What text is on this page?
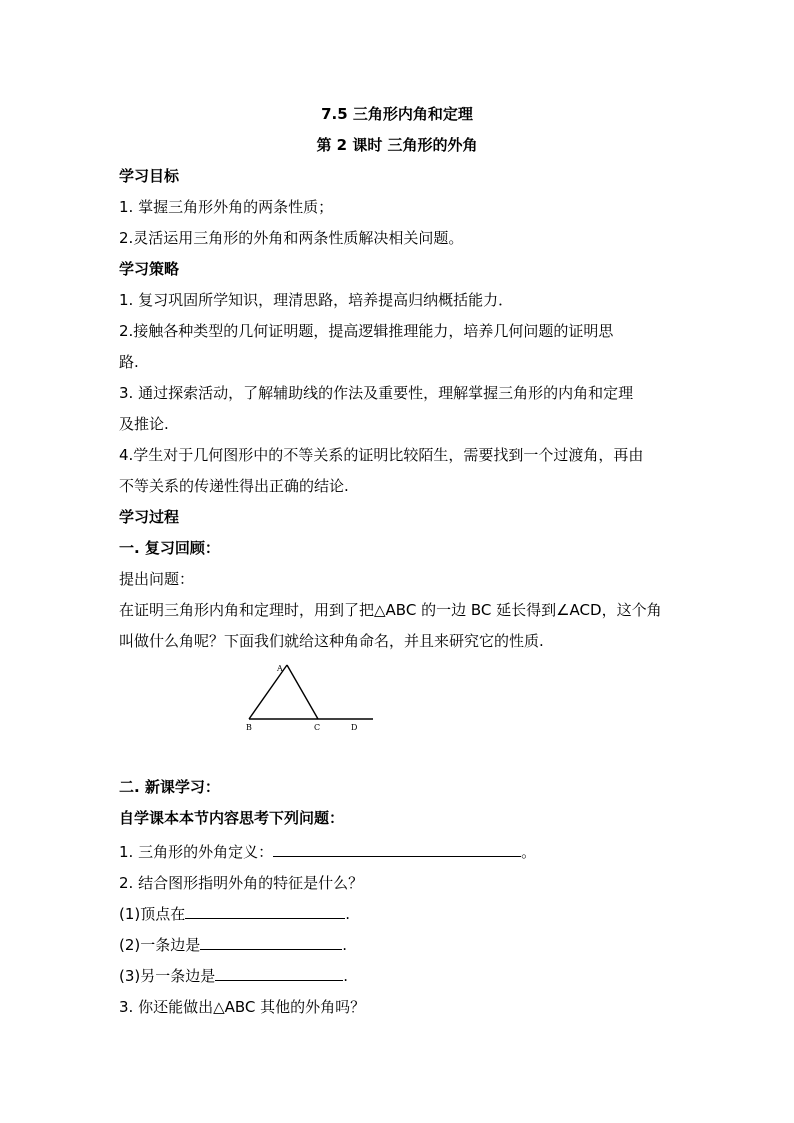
7.5 三角形内角和定理
第 2 课时 三角形的外角
学习目标
1. 掌握三角形外角的两条性质；
2.灵活运用三角形的外角和两条性质解决相关问题。
学习策略
1. 复习巩固所学知识，理清思路，培养提高归纳概括能力．
2.接触各种类型的几何证明题，提高逻辑推理能力，培养几何问题的证明思
路.
3. 通过探索活动，了解辅助线的作法及重要性，理解掌握三角形的内角和定理
及推论.
4.学生对于几何图形中的不等关系的证明比较陌生，需要找到一个过渡角，再由
不等关系的传递性得出正确的结论.
学习过程
一. 复习回顾：
提出问题：
在证明三角形内角和定理时，用到了把△ABC 的一边 BC 延长得到∠ACD，这个角
叫做什么角呢？下面我们就给这种角命名，并且来研究它的性质.
A
B	C	D
二. 新课学习：
自学课本本节内容思考下列问题：
1. 三角形的外角定义：	。
2. 结合图形指明外角的特征是什么？
(1)顶点在	.
(2)一条边是	.
(3)另一条边是	.
3. 你还能做出△ABC 其他的外角吗？
